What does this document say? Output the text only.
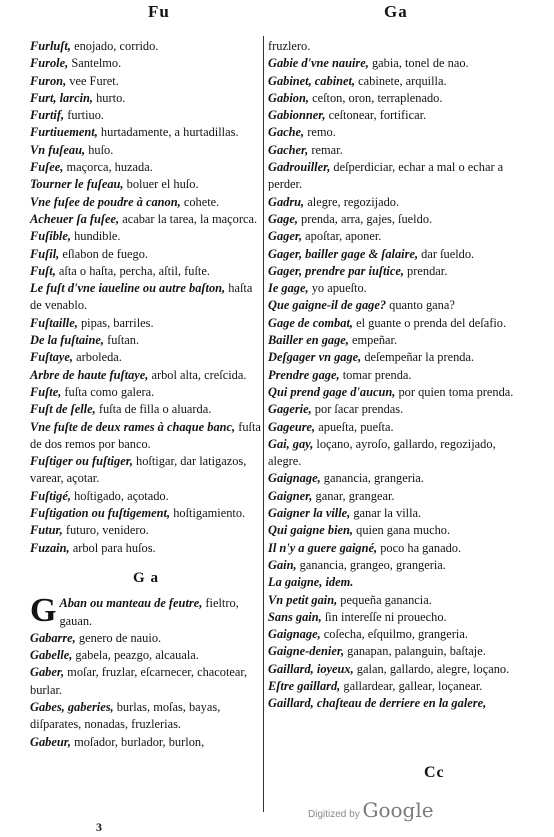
Fu	Ga
Furluſt, enojado, corrido.
Furole, Santelmo.
Furon, vee Furet.
Furt, larcin, hurto.
Furtif, furtiuo.
Furtiuement, hurtadamente, a hurtadillas.
Vn fuſeau, huſo.
Fuſee, maçorca, huzada.
Tourner le fuſeau, boluer el huſo.
Vne fuſee de poudre à canon, cohete.
Acheuer ſa fuſee, acabar la tarea, la maçorca.
Fuſible, hundible.
Fuſil, eſlabon de fuego.
Fuſt, aſta o haſta, percha, aſtil, fuſte.
Le fuſt d'vne iaueline ou autre baſton, haſta de venablo.
Fuſtaille, pipas, barriles.
De la fuſtaine, fuſtan.
Fuſtaye, arboleda.
Arbre de haute fuſtaye, arbol alta, creſcida.
Fuſte, fuſta como galera.
Fuſt de ſelle, fuſta de filla o aluarda.
Vne fuſte de deux rames à chaque banc, fuſta de dos remos por banco.
Fuſtiger ou fuſtiger, hoſtigar, dar latigazos, varear, açotar.
Fuſtigé, hoſtigado, açotado.
Fuſtigation ou fuſtigement, hoſtigamiento.
Futur, futuro, venidero.
Fuzain, arbol para huſos.
G a
G Aban ou manteau de feutre, fieltro, gauan.
Gabarre, genero de nauio.
Gabelle, gabela, peazgo, alcauala.
Gaber, moſar, fruzlar, eſcarnecer, chacotear, burlar.
Gabes, gaberies, burlas, moſas, bayas, diſparates, nonadas, fruzlerias.
Gabeur, moſador, burlador, burlon,
fruzlero.
Gabie d'vne nauire, gabia, tonel de nao.
Gabinet, cabinet, cabinete, arquilla.
Gabion, ceſton, oron, terraplenado.
Gabionner, ceſtonear, fortificar.
Gache, remo.
Gacher, remar.
Gadrouiller, deſperdiciar, echar a mal o echar a perder.
Gadru, alegre, regozijado.
Gage, prenda, arra, gajes, ſueldo.
Gager, apoſtar, aponer.
Gager, bailler gage & ſalaire, dar ſueldo.
Gager, prendre par iuſtice, prendar.
Ie gage, yo apueſto.
Que gaigne-il de gage? quanto gana?
Gage de combat, el guante o prenda del deſafio.
Bailler en gage, empeñar.
Deſgager vn gage, deſempeñar la prenda.
Prendre gage, tomar prenda.
Qui prend gage d'aucun, por quien toma prenda.
Gagerie, por ſacar prendas.
Gageure, apueſta, pueſta.
Gai, gay, loçano, ayroſo, gallardo, regozijado, alegre.
Gaignage, ganancia, grangeria.
Gaigner, ganar, grangear.
Gaigner la ville, ganar la villa.
Qui gaigne bien, quien gana mucho.
Il n'y a guere gaigné, poco ha ganado.
Gain, ganancia, grangeo, grangeria.
La gaigne, idem.
Vn petit gain, pequeña ganancia.
Sans gain, ſin intereſſe ni prouecho.
Gaignage, coſecha, eſquilmo, grangeria.
Gaigne-denier, ganapan, palanguin, baſtaje.
Gaillard, ioyeux, galan, gallardo, alegre, loçano.
Eſtre gaillard, gallardear, gallear, loçanear.
Gaillard, chaſteau de derriere en la galere,
Cc
Digitized by Google
3
